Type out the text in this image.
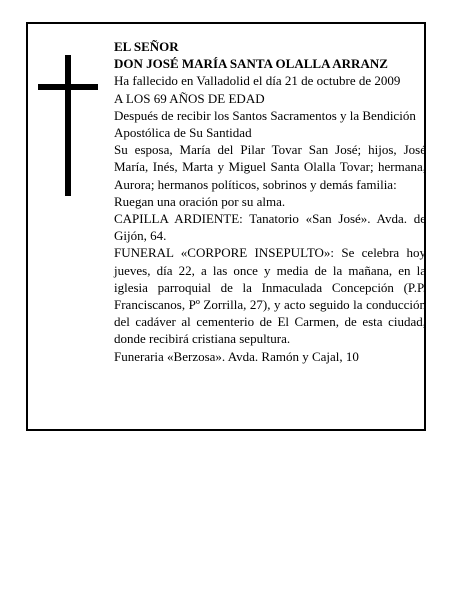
EL SEÑOR

DON JOSÉ MARÍA SANTA OLALLA ARRANZ

Ha fallecido en Valladolid el día 21 de octubre de 2009

A LOS 69 AÑOS DE EDAD

Después de recibir los Santos Sacramentos y la Bendición Apostólica de Su Santidad

Su esposa, María del Pilar Tovar San José; hijos, José María, Inés, Marta y Miguel Santa Olalla Tovar; hermana, Aurora; hermanos políticos, sobrinos y demás familia:

Ruegan una oración por su alma.

CAPILLA ARDIENTE: Tanatorio «San José». Avda. de Gijón, 64.

FUNERAL «CORPORE INSEPULTO»: Se celebra hoy jueves, día 22, a las once y media de la mañana, en la iglesia parroquial de la Inmaculada Concepción (P.P. Franciscanos, Pº Zorrilla, 27), y acto seguido la conducción del cadáver al cementerio de El Carmen, de esta ciudad, donde recibirá cristiana sepultura.

Funeraria «Berzosa». Avda. Ramón y Cajal, 10
